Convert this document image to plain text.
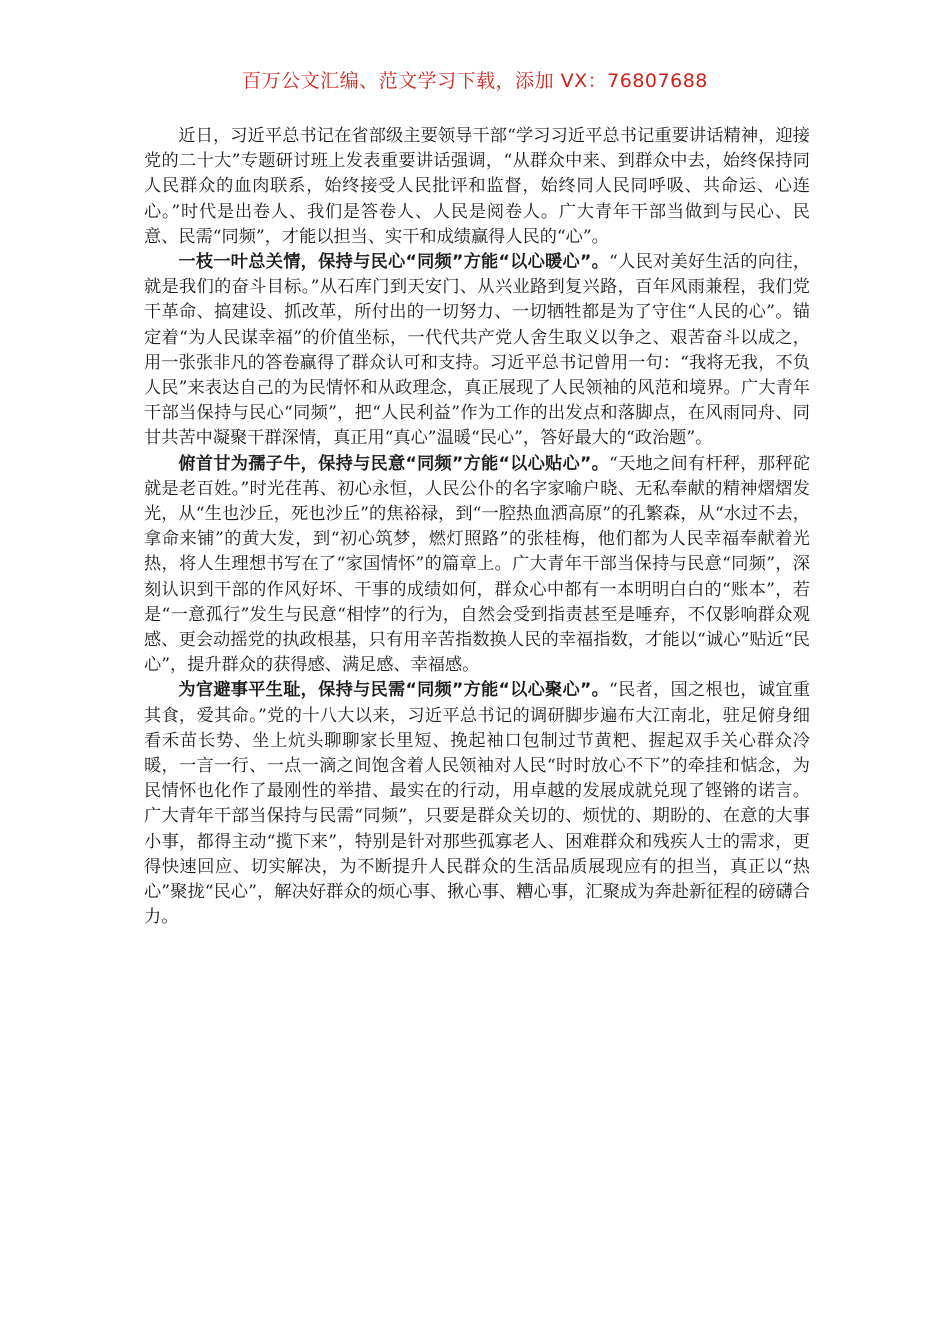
百万公文汇编、范文学习下载，添加 VX：76807688

近日，习近平总书记在省部级主要领导干部“学习习近平总书记重要讲话精神，迎接党的二十大”专题研讨班上发表重要讲话强调，“从群众中来、到群众中去，始终保持同人民群众的血肉联系，始终接受人民批评和监督，始终同人民同呼吸、共命运、心连心。”时代是出卷人、我们是答卷人、人民是阅卷人。广大青年干部当做到与民心、民意、民需“同频”，才能以担当、实干和成绩赢得人民的“心”。

一枝一叶总关情，保持与民心“同频”方能“以心暖心”。“人民对美好生活的向往，就是我们的奋斗目标。”从石库门到天安门、从兴业路到复兴路，百年风雨兼程，我们党干革命、搞建设、抓改革，所付出的一切努力、一切牺牲都是为了守住“人民的心”。锚定着“为人民谋幸福”的价值坐标，一代代共产党人舍生取义以争之、艰苦奋斗以成之，用一张张非凡的答卷赢得了群众认可和支持。习近平总书记曾用一句：“我将无我，不负人民”来表达自己的为民情怀和从政理念，真正展现了人民领袖的风范和境界。广大青年干部当保持与民心“同频”，把“人民利益”作为工作的出发点和落脚点，在风雨同舟、同甘共苦中凝聚干群深情，真正用“真心”温暖“民心”，答好最大的“政治题”。

俯首甘为孺子牛，保持与民意“同频”方能“以心贴心”。“天地之间有杆秤，那秤砣就是老百姓。”时光荏苒、初心永恒，人民公仆的名字家喻户晓、无私奉献的精神熠熠发光，从“生也沙丘，死也沙丘”的焦裕禄，到“一腔热血洒高原”的孔繁森，从“水过不去，拿命来铺”的黄大发，到“初心筑梦，燃灯照路”的张桂梅，他们都为人民幸福奉献着光热，将人生理想书写在了“家国情怀”的篇章上。广大青年干部当保持与民意“同频”，深刻认识到干部的作风好坏、干事的成绩如何，群众心中都有一本明明白白的“账本”，若是“一意孤行”发生与民意“相悖”的行为，自然会受到指责甚至是唾弃，不仅影响群众观感、更会动摇党的执政根基，只有用辛苦指数换人民的幸福指数，才能以“诚心”贴近“民心”，提升群众的获得感、满足感、幸福感。

为官避事平生耻，保持与民需“同频”方能“以心聚心”。“民者，国之根也，诚宜重其食，爱其命。”党的十八大以来，习近平总书记的调研脚步遍布大江南北，驻足俯身细看禾苗长势、坐上炕头聊聊家长里短、挽起袖口包制过节黄粑、握起双手关心群众冷暖，一言一行、一点一滴之间饱含着人民领袖对人民“时时放心不下”的牵挂和惦念，为民情怀也化作了最刚性的举措、最实在的行动，用卓越的发展成就兑现了铿锵的诺言。广大青年干部当保持与民需“同频”，只要是群众关切的、烦忧的、期盼的、在意的大事小事，都得主动“揽下来”，特别是针对那些孤寡老人、困难群众和残疾人士的需求，更得快速回应、切实解决，为不断提升人民群众的生活品质展现应有的担当，真正以“热心”聚拢“民心”，解决好群众的烦心事、揪心事、糟心事，汇聚成为奔赴新征程的磅礴合力。
